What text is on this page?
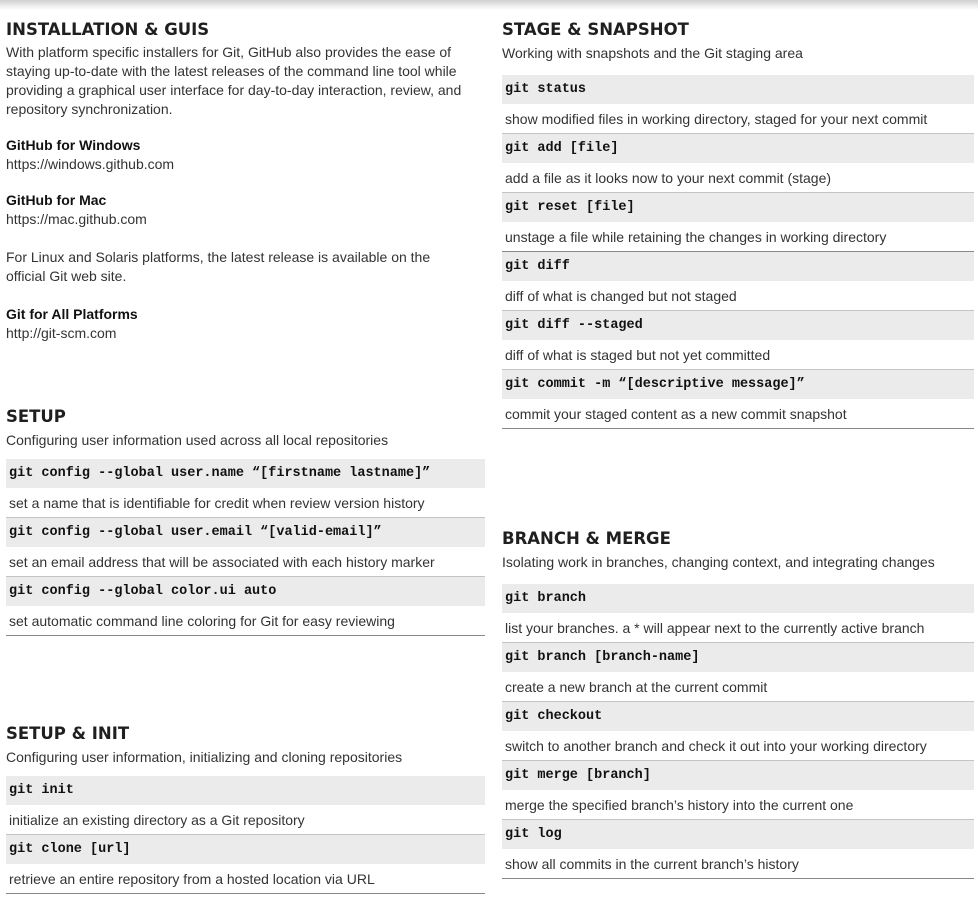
INSTALLATION & GUIS

With platform specific installers for Git, GitHub also provides the ease of staying up-to-date with the latest releases of the command line tool while providing a graphical user interface for day-to-day interaction, review, and repository synchronization.

GitHub for Windows

https://windows.github.com

GitHub for Mac

https://mac.github.com

For Linux and Solaris platforms, the latest release is available on the official Git web site.

Git for All Platforms

http://git-scm.com

SETUP

Configuring user information used across all local repositories

git config --global user.name “[firstname lastname]”
set a name that is identifiable for credit when review version history
git config --global user.email “[valid-email]”
set an email address that will be associated with each history marker
git config --global color.ui auto
set automatic command line coloring for Git for easy reviewing
SETUP & INIT

Configuring user information, initializing and cloning repositories

git init
initialize an existing directory as a Git repository
git clone [url]
retrieve an entire repository from a hosted location via URL
STAGE & SNAPSHOT

Working with snapshots and the Git staging area

git status
show modified files in working directory, staged for your next commit
git add [file]
add a file as it looks now to your next commit (stage)
git reset [file]
unstage a file while retaining the changes in working directory
git diff
diff of what is changed but not staged
git diff --staged
diff of what is staged but not yet committed
git commit -m “[descriptive message]”
commit your staged content as a new commit snapshot
BRANCH & MERGE

Isolating work in branches, changing context, and integrating changes

git branch
list your branches. a * will appear next to the currently active branch
git branch [branch-name]
create a new branch at the current commit
git checkout
switch to another branch and check it out into your working directory
git merge [branch]
merge the specified branch’s history into the current one
git log
show all commits in the current branch’s history
